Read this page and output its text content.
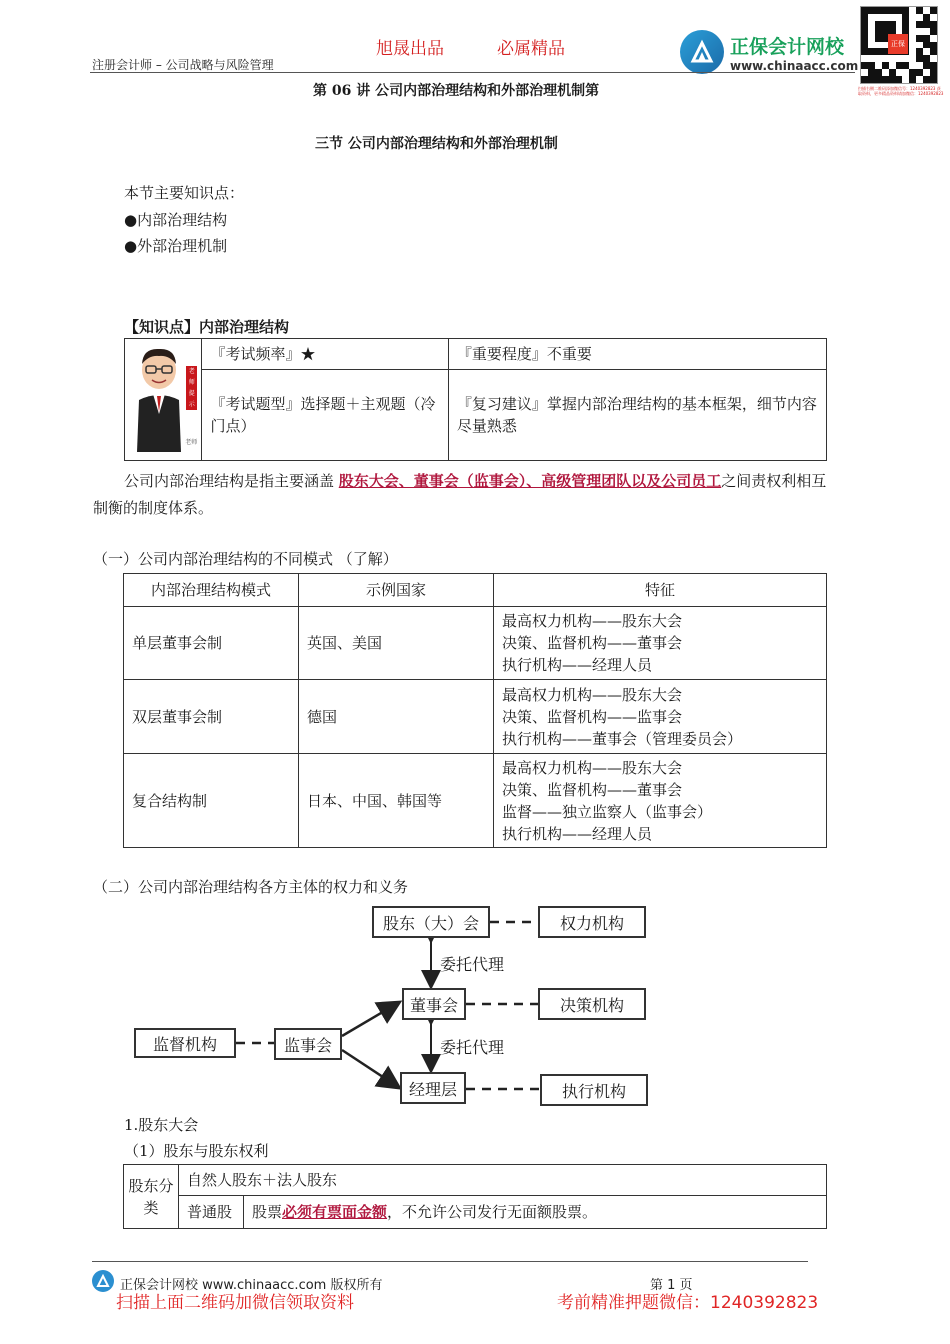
旭晟出品	必属精品
注册会计师 – 公司战略与风险管理
正保会计网校
www.chinaacc.com
正保
扫描右侧二维码添加微信号：1240392823 获取资料，更多精品资料请加微信：1240392823
第 06 讲 公司内部治理结构和外部治理机制第
三节 公司内部治理结构和外部治理机制
本节主要知识点：
●内部治理结构
●外部治理机制
【知识点】内部治理结构
老师提示
老师	『考试频率』★	『重要程度』不重要
	『考试题型』选择题＋主观题（冷门点）	『复习建议』掌握内部治理结构的基本框架，细节内容尽量熟悉
公司内部治理结构是指主要涵盖 股东大会、董事会（监事会）、高级管理团队以及公司员工之间责权利相互制衡的制度体系。
（一）公司内部治理结构的不同模式 （了解）
内部治理结构模式	示例国家	特征
单层董事会制	英国、美国	最高权力机构——股东大会
决策、监督机构——董事会
执行机构——经理人员

双层董事会制	德国	最高权力机构——股东大会
决策、监督机构——监事会
执行机构——董事会（管理委员会）

复合结构制	日本、中国、韩国等	最高权力机构——股东大会
决策、监督机构——董事会
监督——独立监察人（监事会）
执行机构——经理人员
（二）公司内部治理结构各方主体的权力和义务
股东（大）会	权力机构
委托代理
董事会	决策机构
监督机构	监事会	委托代理
经理层	执行机构
1.股东大会
（1）股东与股东权利
股东分类	自然人股东＋法人股东	
	普通股	股票必须有票面金额，不允许公司发行无面额股票。
正保会计网校 www.chinaacc.com 版权所有	第 1 页
扫描上面二维码加微信领取资料	考前精准押题微信：1240392823
